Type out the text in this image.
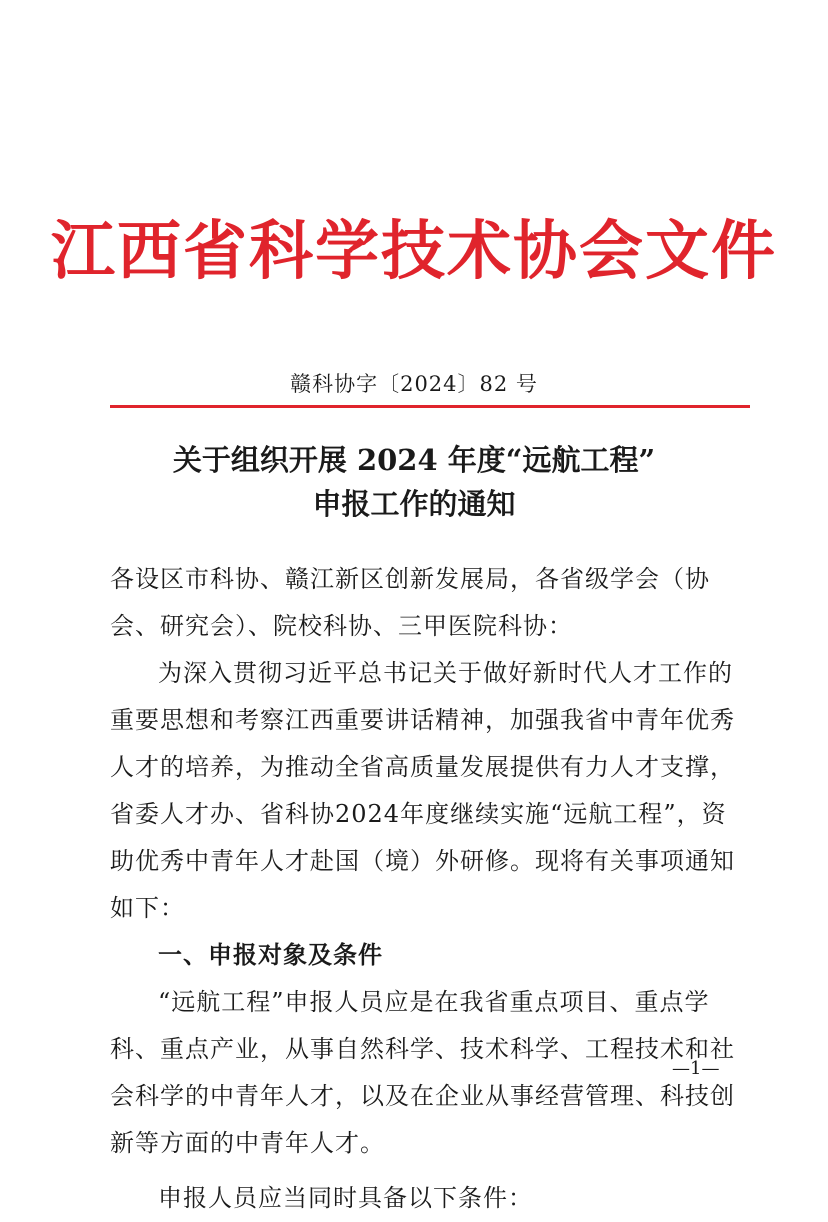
江西省科学技术协会文件
赣科协字〔2024〕82 号
关于组织开展 2024 年度“远航工程”
申报工作的通知

各设区市科协、赣江新区创新发展局，各省级学会（协会、研究会）、院校科协、三甲医院科协：

为深入贯彻习近平总书记关于做好新时代人才工作的重要思想和考察江西重要讲话精神，加强我省中青年优秀人才的培养，为推动全省高质量发展提供有力人才支撑，省委人才办、省科协2024年度继续实施“远航工程”，资助优秀中青年人才赴国（境）外研修。现将有关事项通知如下：

一、申报对象及条件

“远航工程”申报人员应是在我省重点项目、重点学科、重点产业，从事自然科学、技术科学、工程技术和社会科学的中青年人才，以及在企业从事经营管理、科技创新等方面的中青年人才。

申报人员应当同时具备以下条件：

—1—
